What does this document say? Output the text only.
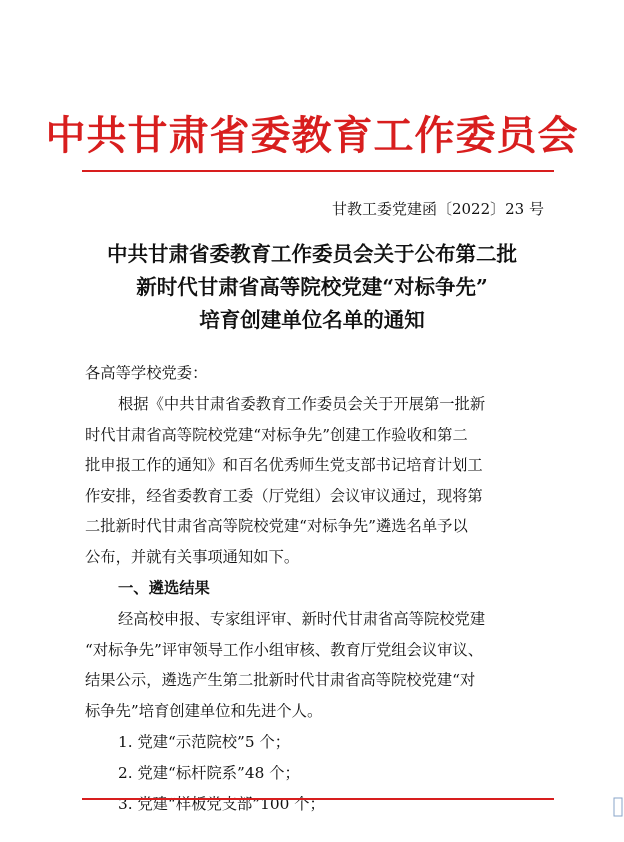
中共甘肃省委教育工作委员会
甘教工委党建函〔2022〕23 号
中共甘肃省委教育工作委员会关于公布第二批
新时代甘肃省高等院校党建“对标争先”
培育创建单位名单的通知
各高等学校党委：
根据《中共甘肃省委教育工作委员会关于开展第一批新
时代甘肃省高等院校党建“对标争先”创建工作验收和第二
批申报工作的通知》和百名优秀师生党支部书记培育计划工
作安排，经省委教育工委（厅党组）会议审议通过，现将第
二批新时代甘肃省高等院校党建“对标争先”遴选名单予以
公布，并就有关事项通知如下。
一、遴选结果
经高校申报、专家组评审、新时代甘肃省高等院校党建
“对标争先”评审领导工作小组审核、教育厅党组会议审议、
结果公示，遴选产生第二批新时代甘肃省高等院校党建“对
标争先”培育创建单位和先进个人。
1. 党建“示范院校”5 个；
2. 党建“标杆院系”48 个；
3. 党建“样板党支部”100 个；
